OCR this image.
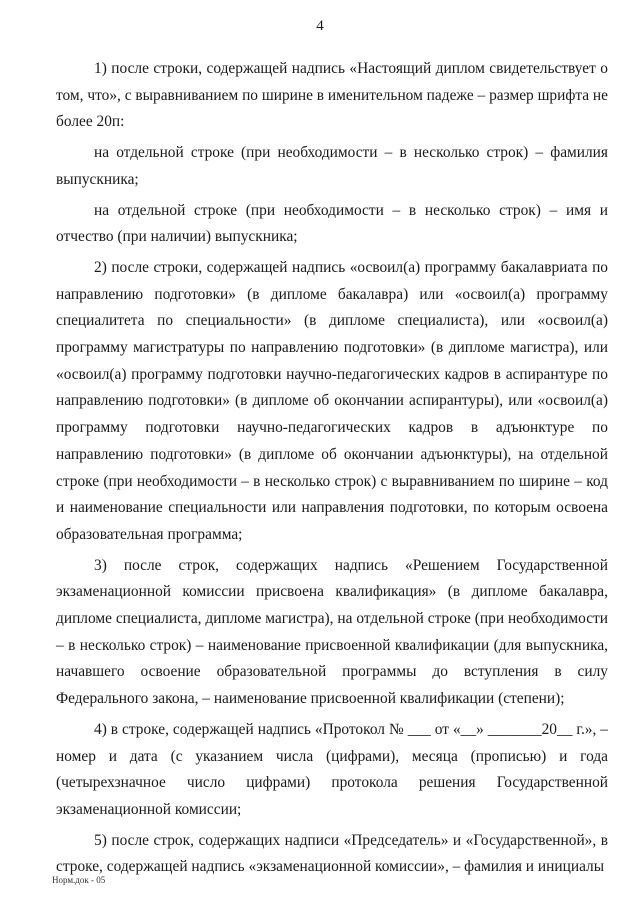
4

1) после строки, содержащей надпись «Настоящий диплом свидетельствует о том, что», с выравниванием по ширине в именительном падеже – размер шрифта не более 20п:

на отдельной строке (при необходимости – в несколько строк) – фамилия выпускника;

на отдельной строке (при необходимости – в несколько строк) – имя и отчество (при наличии) выпускника;

2) после строки, содержащей надпись «освоил(а) программу бакалавриата по направлению подготовки» (в дипломе бакалавра) или «освоил(а) программу специалитета по специальности» (в дипломе специалиста), или «освоил(а) программу магистратуры по направлению подготовки» (в дипломе магистра), или «освоил(а) программу подготовки научно-педагогических кадров в аспирантуре по направлению подготовки» (в дипломе об окончании аспирантуры), или «освоил(а) программу подготовки научно-педагогических кадров в адъюнктуре по направлению подготовки» (в дипломе об окончании адъюнктуры), на отдельной строке (при необходимости – в несколько строк) с выравниванием по ширине – код и наименование специальности или направления подготовки, по которым освоена образовательная программа;

3) после строк, содержащих надпись «Решением Государственной экзаменационной комиссии присвоена квалификация» (в дипломе бакалавра, дипломе специалиста, дипломе магистра), на отдельной строке (при необходимости – в несколько строк) – наименование присвоенной квалификации (для выпускника, начавшего освоение образовательной программы до вступления в силу Федерального закона, – наименование присвоенной квалификации (степени);

4) в строке, содержащей надпись «Протокол № ___ от «__» _______20__ г.», – номер и дата (с указанием числа (цифрами), месяца (прописью) и года (четырехзначное число цифрами) протокола решения Государственной экзаменационной комиссии;

5) после строк, содержащих надписи «Председатель» и «Государственной», в строке, содержащей надпись «экзаменационной комиссии», – фамилия и инициалы

Норм.док - 05
